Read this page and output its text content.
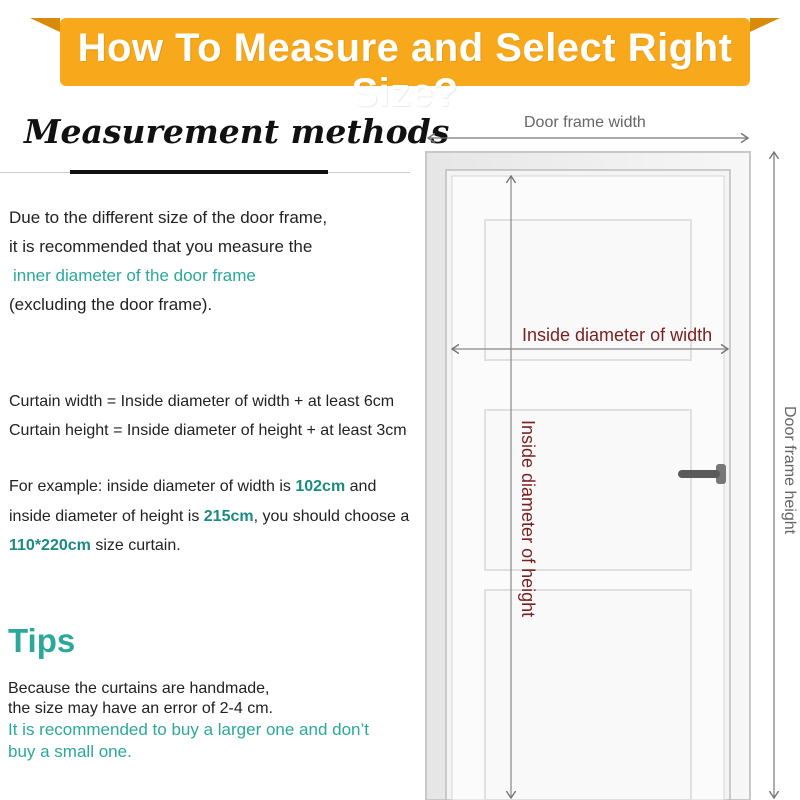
How To Measure and Select Right Size?
Measurement methods
Due to the different size of the door frame,
it is recommended that you measure the
inner diameter of the door frame
(excluding the door frame).
Curtain width = Inside diameter of width + at least 6cm
Curtain height = Inside diameter of height + at least 3cm
For example: inside diameter of width is 102cm and
inside diameter of height is 215cm, you should choose a
110*220cm size curtain.
Tips
Because the curtains are handmade,
the size may have an error of 2-4 cm.
It is recommended to buy a larger one and don’t
buy a small one.
Door frame width
Inside diameter of width
Inside diameter of height	Door frame height
